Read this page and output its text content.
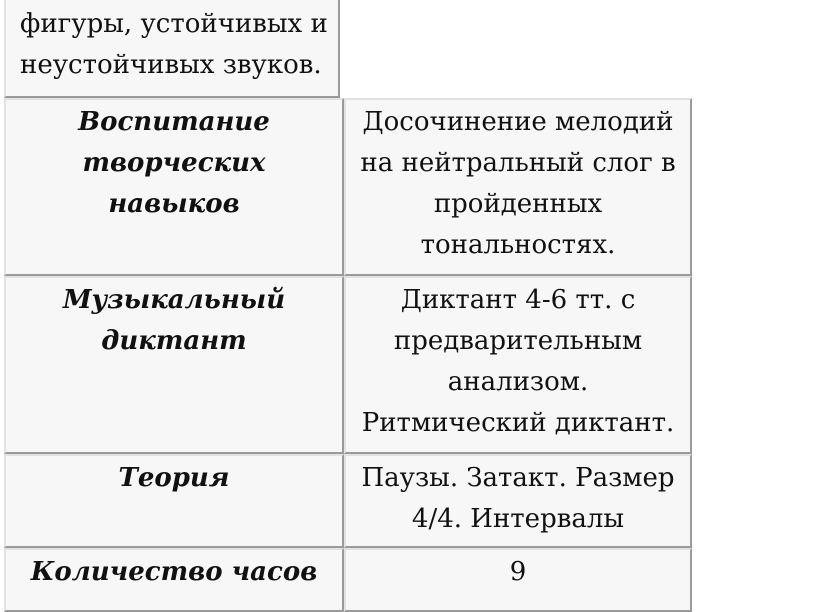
фигуры, устойчивых и неустойчивых звуков.
Воспитание творческих навыков
Досочинение мелодий на нейтральный слог в пройденных тональностях.
Музыкальный диктант
Диктант 4-6 тт. с предварительным анализом. Ритмический диктант.
Теория	Паузы. Затакт. Размер 4/4. Интервалы
Количество часов	9
